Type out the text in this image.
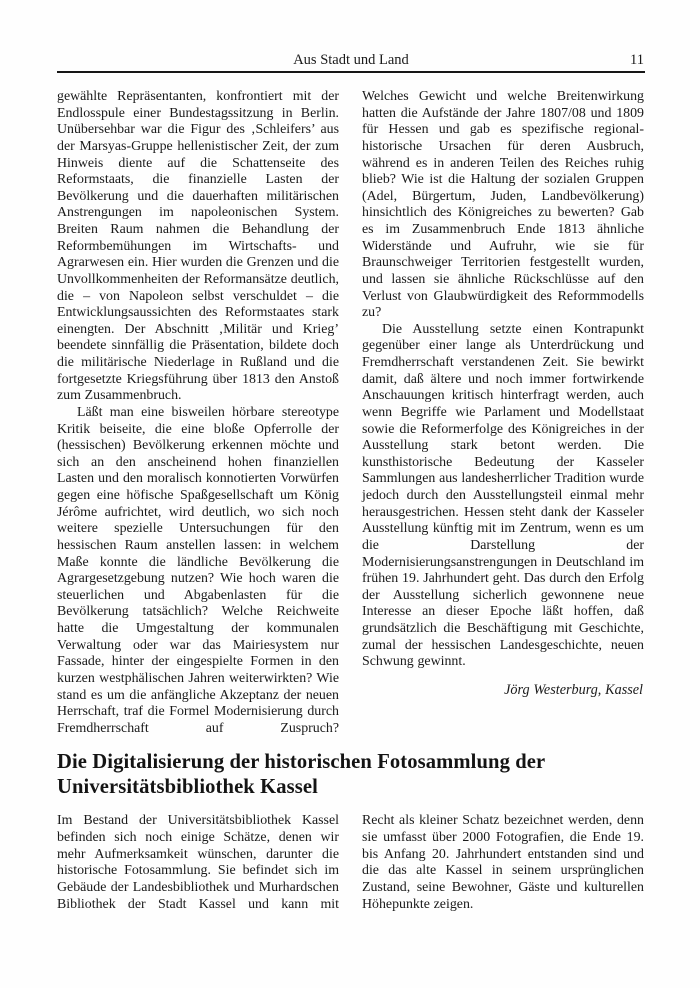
Aus Stadt und Land	11

gewählte Repräsentanten, konfrontiert mit der Endlosspule einer Bundestagssitzung in Berlin. Unübersehbar war die Figur des ‚Schleifers’ aus der Marsyas-Gruppe hellenistischer Zeit, der zum Hinweis diente auf die Schattenseite des Reformstaats, die finanzielle Lasten der Bevölkerung und die dauerhaften militärischen Anstrengungen im napoleonischen System. Breiten Raum nahmen die Behandlung der Reformbemühungen im Wirtschafts- und Agrarwesen ein. Hier wurden die Grenzen und die Unvollkommenheiten der Reformansätze deutlich, die – von Napoleon selbst verschuldet – die Entwicklungsaussichten des Reformstaates stark einengten. Der Abschnitt ‚Militär und Krieg’ beendete sinnfällig die Präsentation, bildete doch die militärische Niederlage in Rußland und die fortgesetzte Kriegsführung über 1813 den Anstoß zum Zusammenbruch.

Läßt man eine bisweilen hörbare stereotype Kritik beiseite, die eine bloße Opferrolle der (hessischen) Bevölkerung erkennen möchte und sich an den anscheinend hohen finanziellen Lasten und den moralisch konnotierten Vorwürfen gegen eine höfische Spaßgesellschaft um König Jérôme aufrichtet, wird deutlich, wo sich noch weitere spezielle Untersuchungen für den hessischen Raum anstellen lassen: in welchem Maße konnte die ländliche Bevölkerung die Agrargesetzgebung nutzen? Wie hoch waren die steuerlichen und Abgabenlasten für die Bevölkerung tatsächlich? Welche Reichweite hatte die Umgestaltung der kommunalen Verwaltung oder war das Mairiesystem nur Fassade, hinter der eingespielte Formen in den kurzen westphälischen Jahren weiterwirkten? Wie stand es um die anfängliche Akzeptanz der neuen Herrschaft, traf die Formel Modernisierung durch Fremdherrschaft auf Zuspruch?

Welches Gewicht und welche Breitenwirkung hatten die Aufstände der Jahre 1807/08 und 1809 für Hessen und gab es spezifische regional-historische Ursachen für deren Ausbruch, während es in anderen Teilen des Reiches ruhig blieb? Wie ist die Haltung der sozialen Gruppen (Adel, Bürgertum, Juden, Landbevölkerung) hinsichtlich des Königreiches zu bewerten? Gab es im Zusammenbruch Ende 1813 ähnliche Widerstände und Aufruhr, wie sie für Braunschweiger Territorien festgestellt wurden, und lassen sie ähnliche Rückschlüsse auf den Verlust von Glaubwürdigkeit des Reformmodells zu?

Die Ausstellung setzte einen Kontrapunkt gegenüber einer lange als Unterdrückung und Fremdherrschaft verstandenen Zeit. Sie bewirkt damit, daß ältere und noch immer fortwirkende Anschauungen kritisch hinterfragt werden, auch wenn Begriffe wie Parlament und Modellstaat sowie die Reformerfolge des Königreiches in der Ausstellung stark betont werden. Die kunsthistorische Bedeutung der Kasseler Sammlungen aus landesherrlicher Tradition wurde jedoch durch den Ausstellungsteil einmal mehr herausgestrichen. Hessen steht dank der Kasseler Ausstellung künftig mit im Zentrum, wenn es um die Darstellung der Modernisierungsanstrengungen in Deutschland im frühen 19. Jahrhundert geht. Das durch den Erfolg der Ausstellung sicherlich gewonnene neue Interesse an dieser Epoche läßt hoffen, daß grundsätzlich die Beschäftigung mit Geschichte, zumal der hessischen Landesgeschichte, neuen Schwung gewinnt.

Jörg Westerburg, Kassel

Die Digitalisierung der historischen Fotosammlung der Universitätsbibliothek Kassel

Im Bestand der Universitätsbibliothek Kassel befinden sich noch einige Schätze, denen wir mehr Aufmerksamkeit wünschen, darunter die historische Fotosammlung. Sie befindet sich im Gebäude der Landesbibliothek und Murhardschen Bibliothek der Stadt Kassel und kann mit

Recht als kleiner Schatz bezeichnet werden, denn sie umfasst über 2000 Fotografien, die Ende 19. bis Anfang 20. Jahrhundert entstanden sind und die das alte Kassel in seinem ursprünglichen Zustand, seine Bewohner, Gäste und kulturellen Höhepunkte zeigen.
